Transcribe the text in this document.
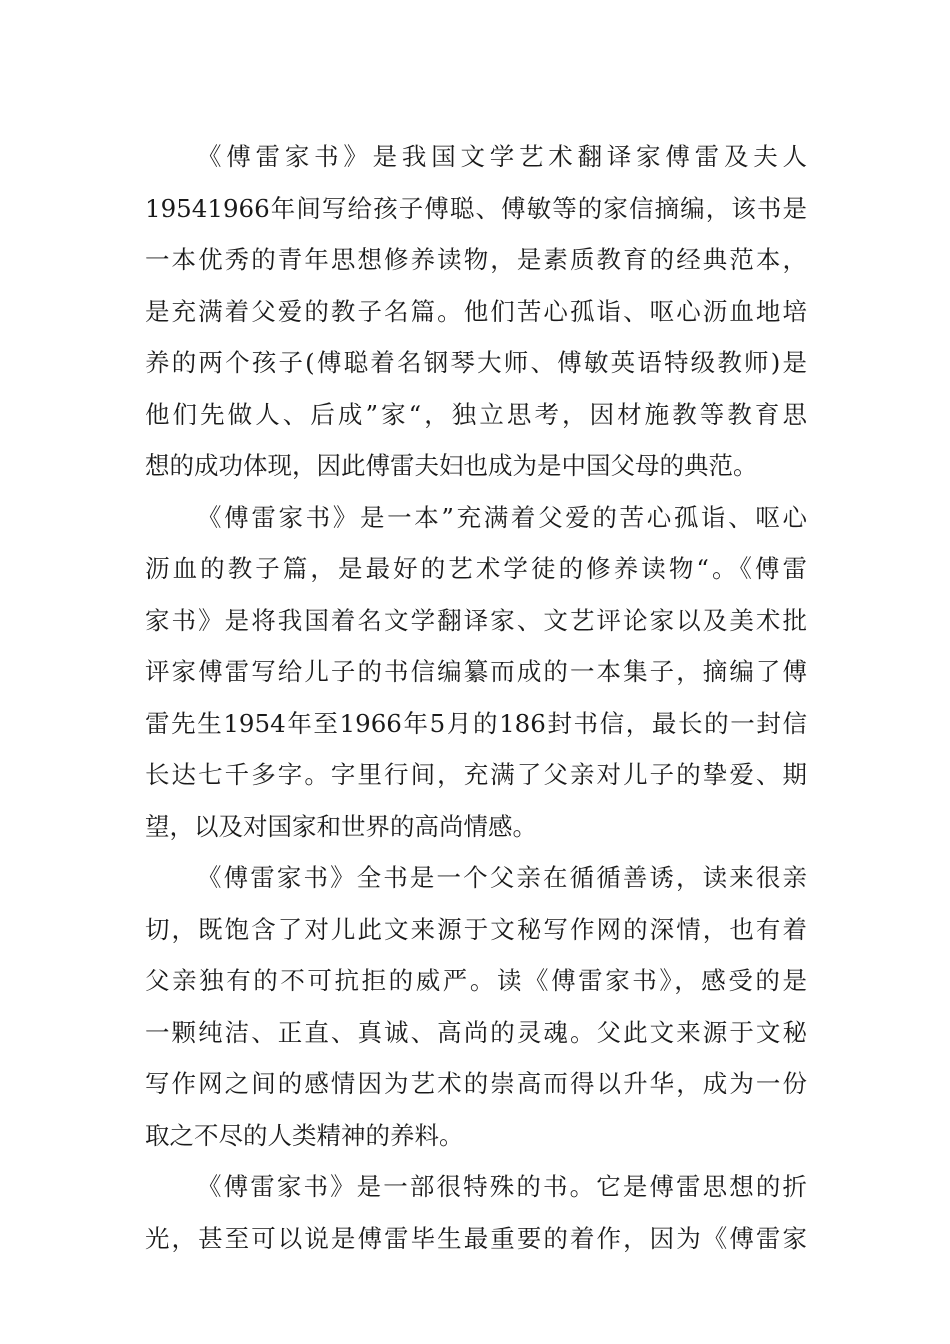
《傅雷家书》是我国文学艺术翻译家傅雷及夫人
19541966年间写给孩子傅聪、傅敏等的家信摘编，该书是
一本优秀的青年思想修养读物，是素质教育的经典范本，
是充满着父爱的教子名篇。他们苦心孤诣、呕心沥血地培
养的两个孩子(傅聪着名钢琴大师、傅敏英语特级教师)是
他们先做人、后成”家“，独立思考，因材施教等教育思
想的成功体现，因此傅雷夫妇也成为是中国父母的典范。
《傅雷家书》是一本”充满着父爱的苦心孤诣、呕心
沥血的教子篇，是最好的艺术学徒的修养读物“。《傅雷
家书》是将我国着名文学翻译家、文艺评论家以及美术批
评家傅雷写给儿子的书信编纂而成的一本集子，摘编了傅
雷先生1954年至1966年5月的186封书信，最长的一封信
长达七千多字。字里行间，充满了父亲对儿子的挚爱、期
望，以及对国家和世界的高尚情感。
《傅雷家书》全书是一个父亲在循循善诱，读来很亲
切，既饱含了对儿此文来源于文秘写作网的深情，也有着
父亲独有的不可抗拒的威严。读《傅雷家书》，感受的是
一颗纯洁、正直、真诚、高尚的灵魂。父此文来源于文秘
写作网之间的感情因为艺术的崇高而得以升华，成为一份
取之不尽的人类精神的养料。
《傅雷家书》是一部很特殊的书。它是傅雷思想的折
光，甚至可以说是傅雷毕生最重要的着作，因为《傅雷家
